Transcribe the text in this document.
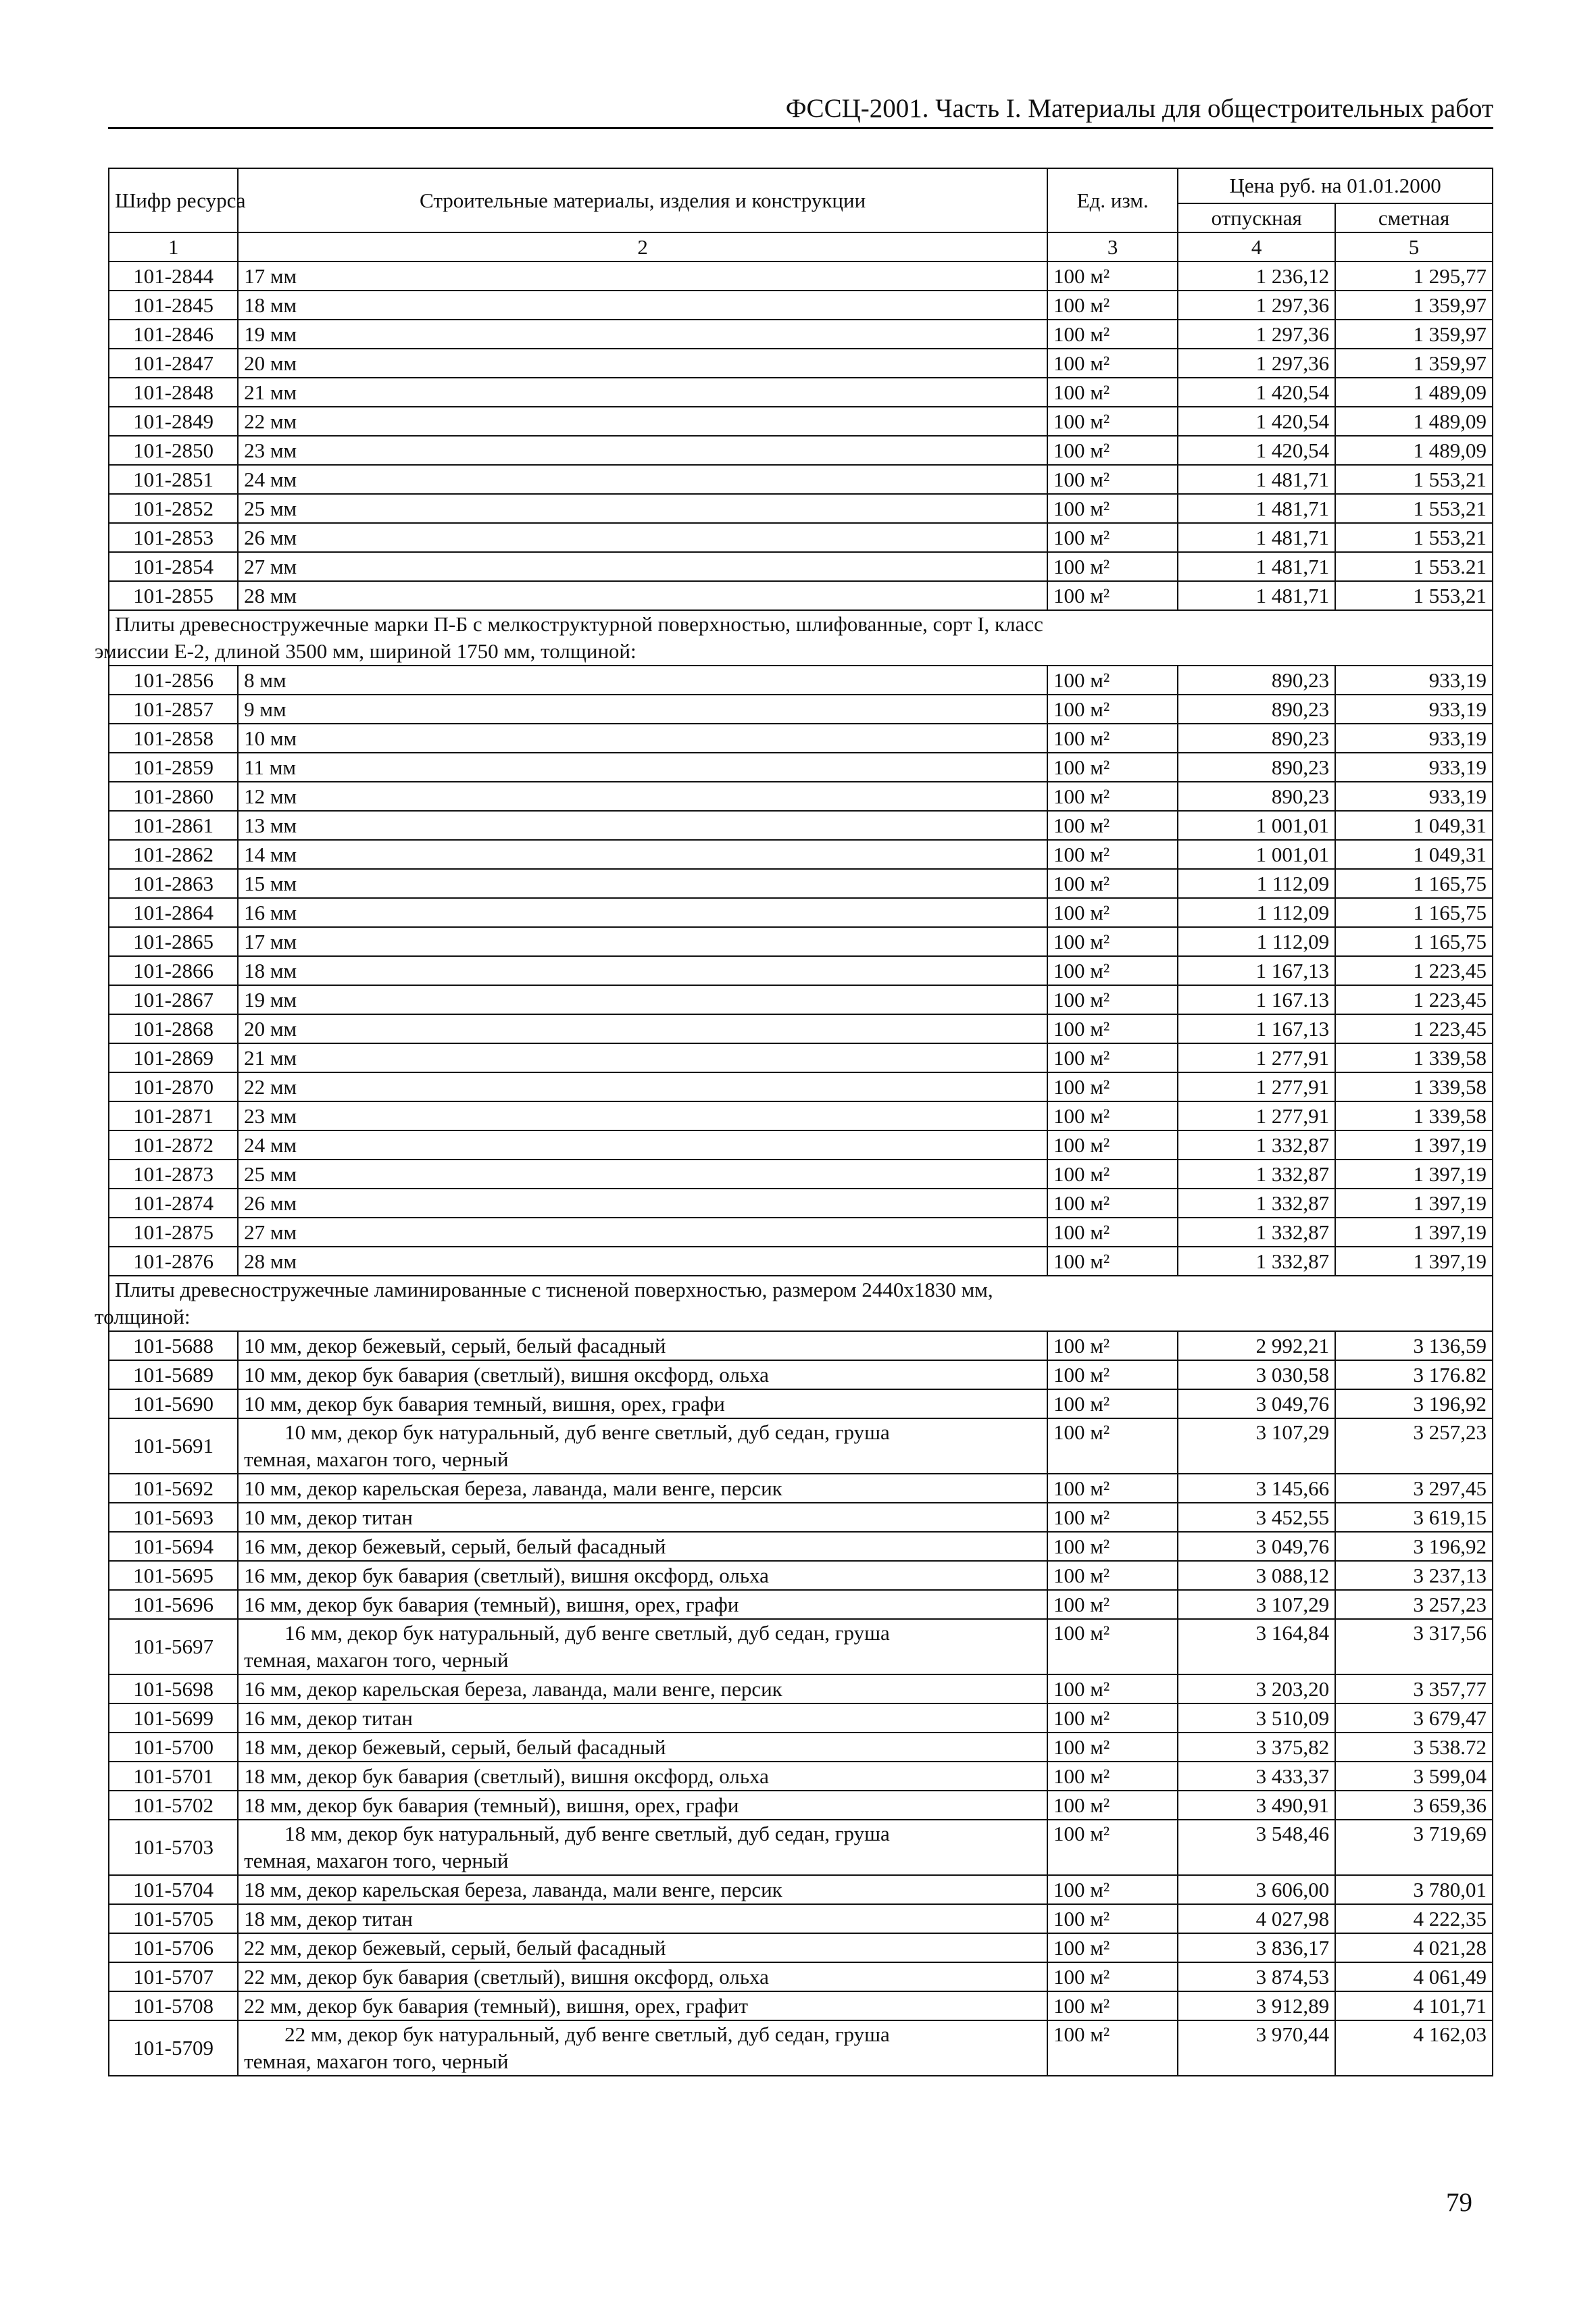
ФССЦ-2001. Часть I. Материалы для общестроительных работ
Шифр ресурса	Строительные материалы, изделия и конструкции	Ед. изм.	Цена руб. на 01.01.2000	
			отпускная	сметная
1	2	3	4	5
101-2844	17 мм	100 м²	1 236,12	1 295,77
101-2845	18 мм	100 м²	1 297,36	1 359,97
101-2846	19 мм	100 м²	1 297,36	1 359,97
101-2847	20 мм	100 м²	1 297,36	1 359,97
101-2848	21 мм	100 м²	1 420,54	1 489,09
101-2849	22 мм	100 м²	1 420,54	1 489,09
101-2850	23 мм	100 м²	1 420,54	1 489,09
101-2851	24 мм	100 м²	1 481,71	1 553,21
101-2852	25 мм	100 м²	1 481,71	1 553,21
101-2853	26 мм	100 м²	1 481,71	1 553,21
101-2854	27 мм	100 м²	1 481,71	1 553.21
101-2855	28 мм	100 м²	1 481,71	1 553,21

Плиты древесностружечные марки П-Б с мелкоструктурной поверхностью, шлифованные, сорт I, класс
эмиссии Е-2, длиной 3500 мм, шириной 1750 мм, толщиной:				

101-2856	8 мм	100 м²	890,23	933,19
101-2857	9 мм	100 м²	890,23	933,19
101-2858	10 мм	100 м²	890,23	933,19
101-2859	11 мм	100 м²	890,23	933,19
101-2860	12 мм	100 м²	890,23	933,19
101-2861	13 мм	100 м²	1 001,01	1 049,31
101-2862	14 мм	100 м²	1 001,01	1 049,31
101-2863	15 мм	100 м²	1 112,09	1 165,75
101-2864	16 мм	100 м²	1 112,09	1 165,75
101-2865	17 мм	100 м²	1 112,09	1 165,75
101-2866	18 мм	100 м²	1 167,13	1 223,45
101-2867	19 мм	100 м²	1 167.13	1 223,45
101-2868	20 мм	100 м²	1 167,13	1 223,45
101-2869	21 мм	100 м²	1 277,91	1 339,58
101-2870	22 мм	100 м²	1 277,91	1 339,58
101-2871	23 мм	100 м²	1 277,91	1 339,58
101-2872	24 мм	100 м²	1 332,87	1 397,19
101-2873	25 мм	100 м²	1 332,87	1 397,19
101-2874	26 мм	100 м²	1 332,87	1 397,19
101-2875	27 мм	100 м²	1 332,87	1 397,19
101-2876	28 мм	100 м²	1 332,87	1 397,19

Плиты древесностружечные ламинированные с тисненой поверхностью, размером 2440x1830 мм,
толщиной:				

101-5688	10 мм, декор бежевый, серый, белый фасадный	100 м²	2 992,21	3 136,59
101-5689	10 мм, декор бук бавария (светлый), вишня оксфорд, ольха	100 м²	3 030,58	3 176.82
101-5690	10 мм, декор бук бавария темный, вишня, орех, графи	100 м²	3 049,76	3 196,92
101-5691	10 мм, декор бук натуральный, дуб венге светлый, дуб седан, груша
темная, махагон того, черный	100 м²	3 107,29	3 257,23
101-5692	10 мм, декор карельская береза, лаванда, мали венге, персик	100 м²	3 145,66	3 297,45
101-5693	10 мм, декор титан	100 м²	3 452,55	3 619,15
101-5694	16 мм, декор бежевый, серый, белый фасадный	100 м²	3 049,76	3 196,92
101-5695	16 мм, декор бук бавария (светлый), вишня оксфорд, ольха	100 м²	3 088,12	3 237,13
101-5696	16 мм, декор бук бавария (темный), вишня, орех, графи	100 м²	3 107,29	3 257,23
101-5697	16 мм, декор бук натуральный, дуб венге светлый, дуб седан, груша
темная, махагон того, черный	100 м²	3 164,84	3 317,56
101-5698	16 мм, декор карельская береза, лаванда, мали венге, персик	100 м²	3 203,20	3 357,77
101-5699	16 мм, декор титан	100 м²	3 510,09	3 679,47
101-5700	18 мм, декор бежевый, серый, белый фасадный	100 м²	3 375,82	3 538.72
101-5701	18 мм, декор бук бавария (светлый), вишня оксфорд, ольха	100 м²	3 433,37	3 599,04
101-5702	18 мм, декор бук бавария (темный), вишня, орех, графи	100 м²	3 490,91	3 659,36
101-5703	18 мм, декор бук натуральный, дуб венге светлый, дуб седан, груша
темная, махагон того, черный	100 м²	3 548,46	3 719,69
101-5704	18 мм, декор карельская береза, лаванда, мали венге, персик	100 м²	3 606,00	3 780,01
101-5705	18 мм, декор титан	100 м²	4 027,98	4 222,35
101-5706	22 мм, декор бежевый, серый, белый фасадный	100 м²	3 836,17	4 021,28
101-5707	22 мм, декор бук бавария (светлый), вишня оксфорд, ольха	100 м²	3 874,53	4 061,49
101-5708	22 мм, декор бук бавария (темный), вишня, орех, графит	100 м²	3 912,89	4 101,71
101-5709	22 мм, декор бук натуральный, дуб венге светлый, дуб седан, груша
темная, махагон того, черный	100 м²	3 970,44	4 162,03
79
